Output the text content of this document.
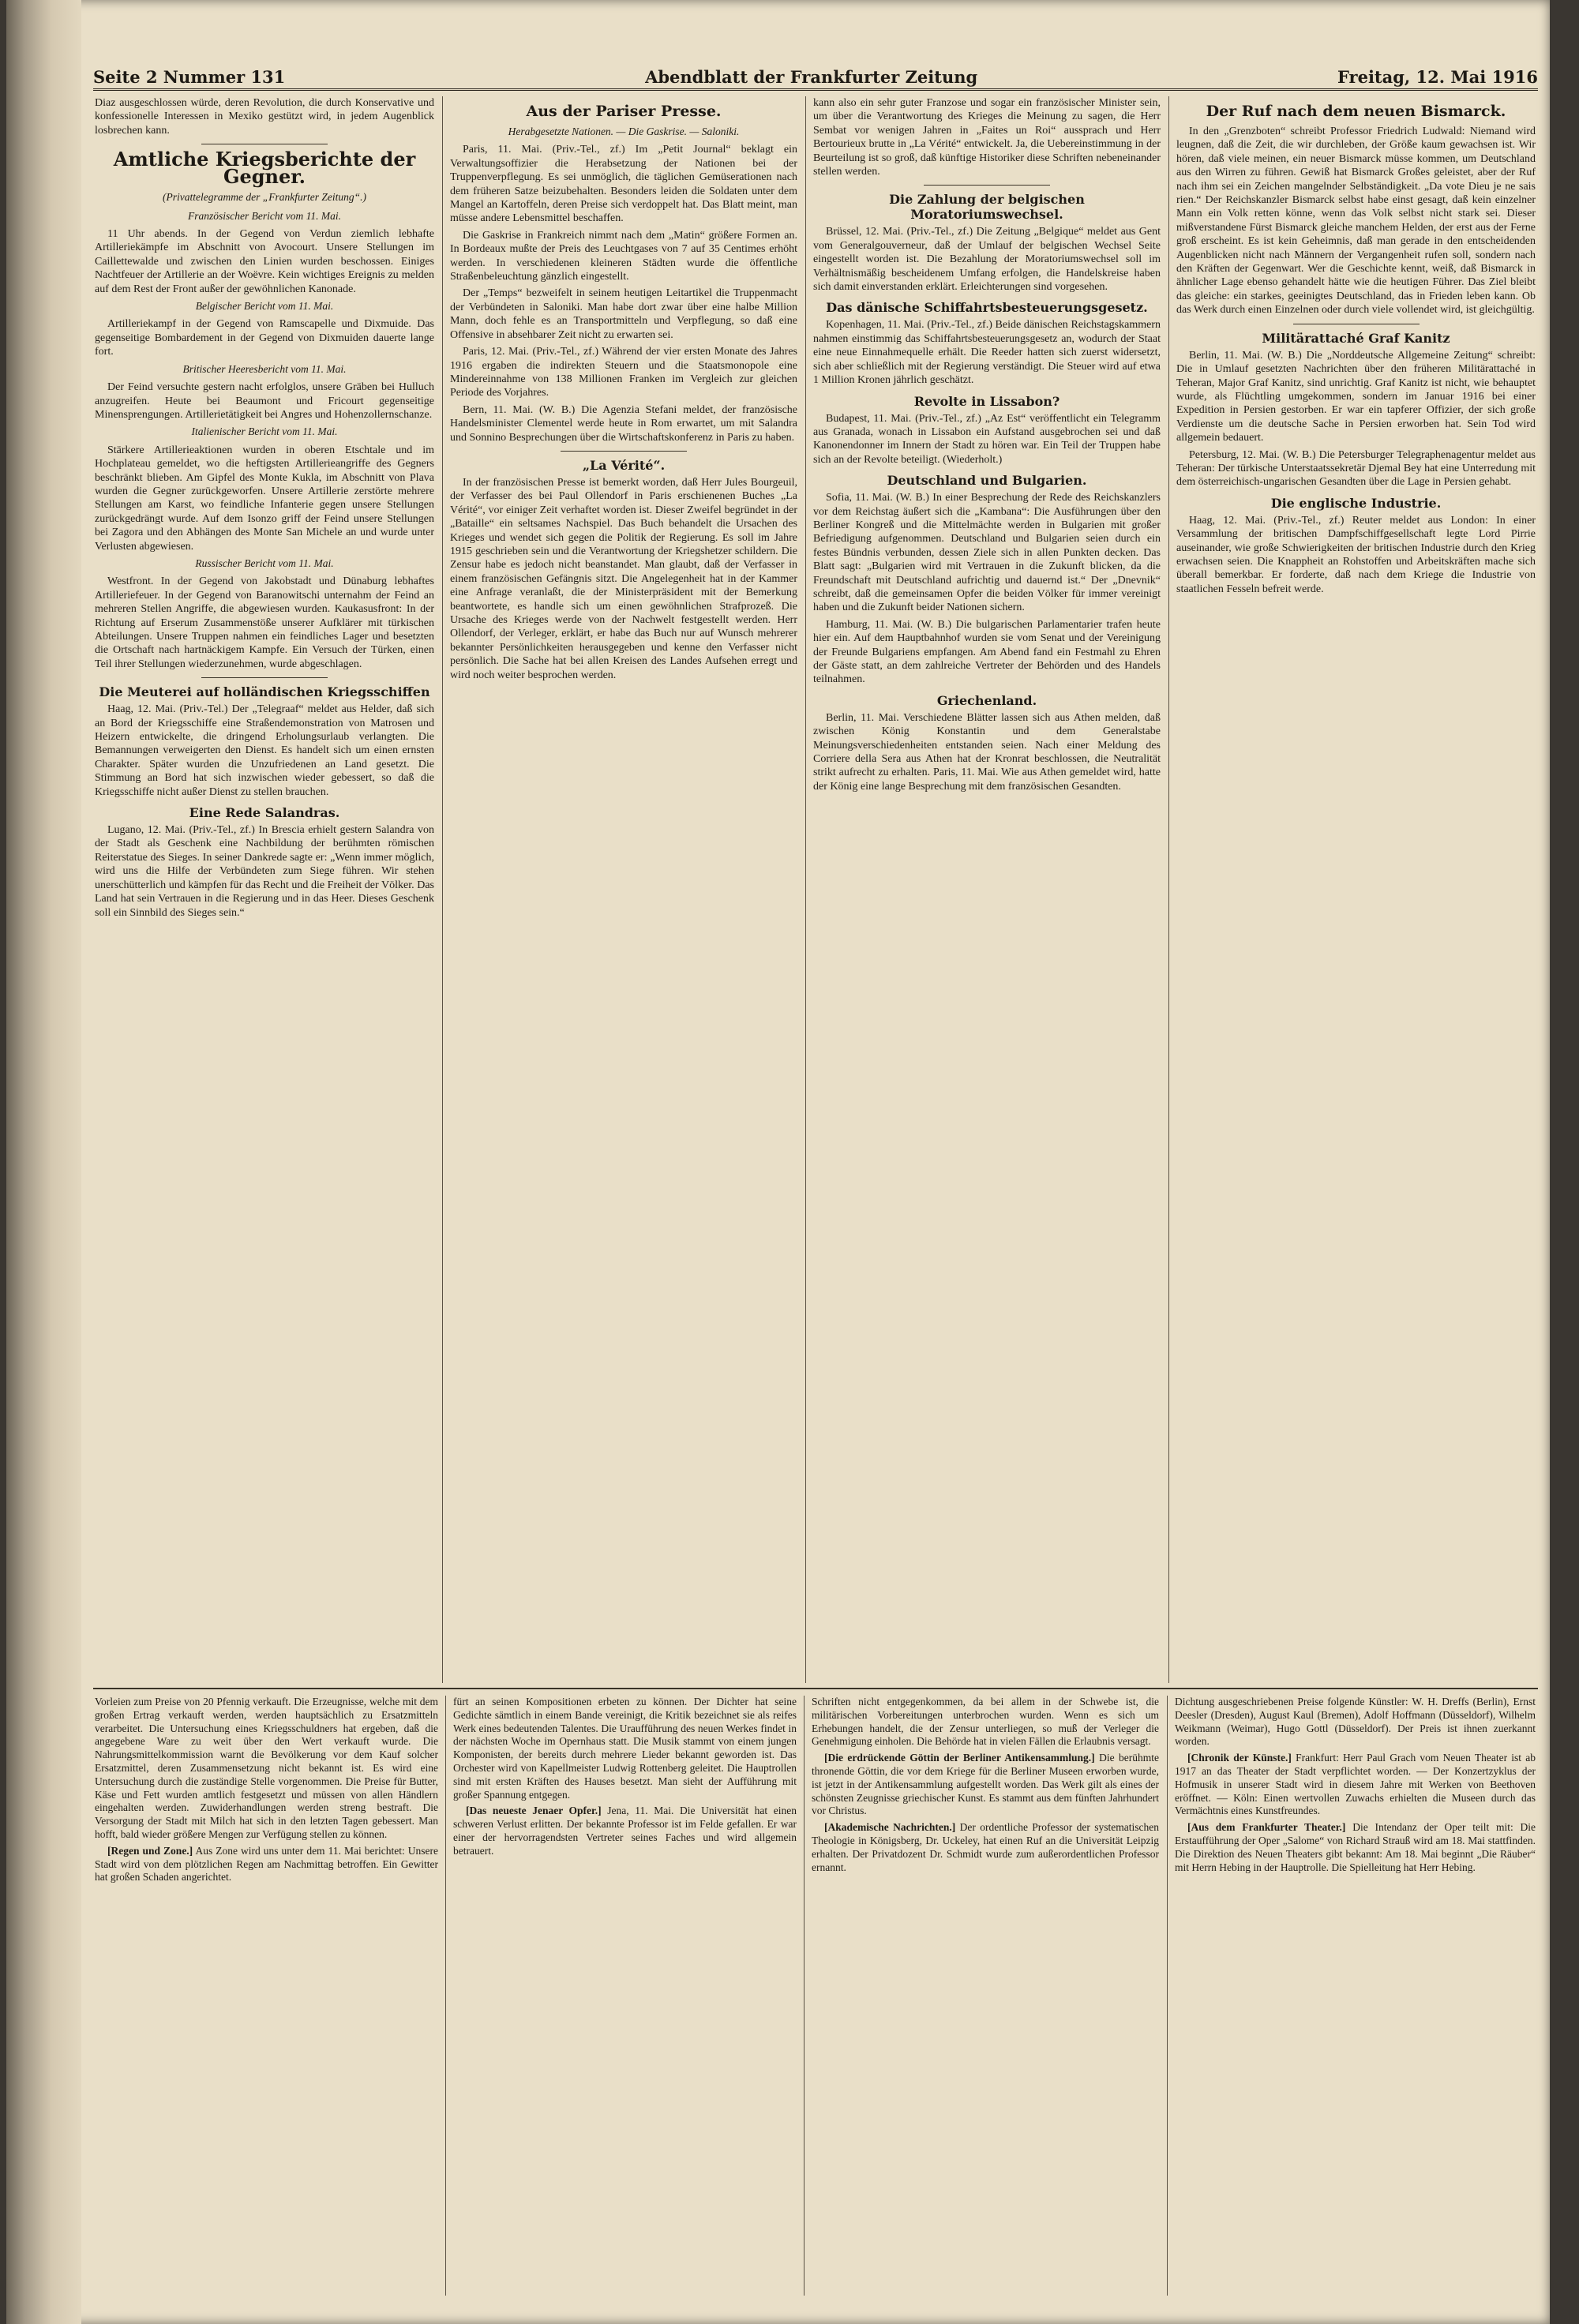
Seite 2 Nummer 131	Abendblatt der Frankfurter Zeitung	Freitag, 12. Mai 1916

Diaz ausgeschlossen würde, deren Revolution, die durch Konservative und konfessionelle Interessen in Mexiko gestützt wird, in jedem Augenblick losbrechen kann.

Amtliche Kriegsberichte der Gegner.
(Privattelegramme der „Frankfurter Zeitung“.)
Französischer Bericht vom 11. Mai.

11 Uhr abends. In der Gegend von Verdun ziemlich lebhafte Artilleriekämpfe im Abschnitt von Avocourt. Unsere Stellungen im Caillettewalde und zwischen den Linien wurden beschossen. Einiges Nachtfeuer der Artillerie an der Woëvre. Kein wichtiges Ereignis zu melden auf dem Rest der Front außer der gewöhnlichen Kanonade.

Belgischer Bericht vom 11. Mai.

Artilleriekampf in der Gegend von Ramscapelle und Dixmuide. Das gegenseitige Bombardement in der Gegend von Dixmuiden dauerte lange fort.

Britischer Heeresbericht vom 11. Mai.

Der Feind versuchte gestern nacht erfolglos, unsere Gräben bei Hulluch anzugreifen. Heute bei Beaumont und Fricourt gegenseitige Minensprengungen. Artillerietätigkeit bei Angres und Hohenzollernschanze.

Italienischer Bericht vom 11. Mai.

Stärkere Artillerieaktionen wurden in oberen Etschtale und im Hochplateau gemeldet, wo die heftigsten Artillerieangriffe des Gegners beschränkt blieben. Am Gipfel des Monte Kukla, im Abschnitt von Plava wurden die Gegner zurückgeworfen. Unsere Artillerie zerstörte mehrere Stellungen am Karst, wo feindliche Infanterie gegen unsere Stellungen zurückgedrängt wurde. Auf dem Isonzo griff der Feind unsere Stellungen bei Zagora und den Abhängen des Monte San Michele an und wurde unter Verlusten abgewiesen.

Russischer Bericht vom 11. Mai.

Westfront. In der Gegend von Jakobstadt und Dünaburg lebhaftes Artilleriefeuer. In der Gegend von Baranowitschi unternahm der Feind an mehreren Stellen Angriffe, die abgewiesen wurden. Kaukasusfront: In der Richtung auf Erserum Zusammenstöße unserer Aufklärer mit türkischen Abteilungen. Unsere Truppen nahmen ein feindliches Lager und besetzten die Ortschaft nach hartnäckigem Kampfe. Ein Versuch der Türken, einen Teil ihrer Stellungen wiederzunehmen, wurde abgeschlagen.

Die Meuterei auf holländischen Kriegsschiffen

Haag, 12. Mai. (Priv.-Tel.) Der „Telegraaf“ meldet aus Helder, daß sich an Bord der Kriegsschiffe eine Straßendemonstration von Matrosen und Heizern entwickelte, die dringend Erholungsurlaub verlangten. Die Bemannungen verweigerten den Dienst. Es handelt sich um einen ernsten Charakter. Später wurden die Unzufriedenen an Land gesetzt. Die Stimmung an Bord hat sich inzwischen wieder gebessert, so daß die Kriegsschiffe nicht außer Dienst zu stellen brauchen.

Eine Rede Salandras.

Lugano, 12. Mai. (Priv.-Tel., zf.) In Brescia erhielt gestern Salandra von der Stadt als Geschenk eine Nachbildung der berühmten römischen Reiterstatue des Sieges. In seiner Dankrede sagte er: „Wenn immer möglich, wird uns die Hilfe der Verbündeten zum Siege führen. Wir stehen unerschütterlich und kämpfen für das Recht und die Freiheit der Völker. Das Land hat sein Vertrauen in die Regierung und in das Heer. Dieses Geschenk soll ein Sinnbild des Sieges sein.“

Aus der Pariser Presse.
Herabgesetzte Nationen. — Die Gaskrise. — Saloniki.

Paris, 11. Mai. (Priv.-Tel., zf.) Im „Petit Journal“ beklagt ein Verwaltungsoffizier die Herabsetzung der Nationen bei der Truppenverpflegung. Es sei unmöglich, die täglichen Gemüserationen nach dem früheren Satze beizubehalten. Besonders leiden die Soldaten unter dem Mangel an Kartoffeln, deren Preise sich verdoppelt hat. Das Blatt meint, man müsse andere Lebensmittel beschaffen.

Die Gaskrise in Frankreich nimmt nach dem „Matin“ größere Formen an. In Bordeaux mußte der Preis des Leuchtgases von 7 auf 35 Centimes erhöht werden. In verschiedenen kleineren Städten wurde die öffentliche Straßenbeleuchtung gänzlich eingestellt.

Der „Temps“ bezweifelt in seinem heutigen Leitartikel die Truppenmacht der Verbündeten in Saloniki. Man habe dort zwar über eine halbe Million Mann, doch fehle es an Transportmitteln und Verpflegung, so daß eine Offensive in absehbarer Zeit nicht zu erwarten sei.

Paris, 12. Mai. (Priv.-Tel., zf.) Während der vier ersten Monate des Jahres 1916 ergaben die indirekten Steuern und die Staatsmonopole eine Mindereinnahme von 138 Millionen Franken im Vergleich zur gleichen Periode des Vorjahres.

Bern, 11. Mai. (W. B.) Die Agenzia Stefani meldet, der französische Handelsminister Clementel werde heute in Rom erwartet, um mit Salandra und Sonnino Besprechungen über die Wirtschaftskonferenz in Paris zu haben.

„La Vérité“.

In der französischen Presse ist bemerkt worden, daß Herr Jules Bourgeuil, der Verfasser des bei Paul Ollendorf in Paris erschienenen Buches „La Vérité“, vor einiger Zeit verhaftet worden ist. Dieser Zweifel begründet in der „Bataille“ ein seltsames Nachspiel. Das Buch behandelt die Ursachen des Krieges und wendet sich gegen die Politik der Regierung. Es soll im Jahre 1915 geschrieben sein und die Verantwortung der Kriegshetzer schildern. Die Zensur habe es jedoch nicht beanstandet. Man glaubt, daß der Verfasser in einem französischen Gefängnis sitzt. Die Angelegenheit hat in der Kammer eine Anfrage veranlaßt, die der Ministerpräsident mit der Bemerkung beantwortete, es handle sich um einen gewöhnlichen Strafprozeß. Die Ursache des Krieges werde von der Nachwelt festgestellt werden. Herr Ollendorf, der Verleger, erklärt, er habe das Buch nur auf Wunsch mehrerer bekannter Persönlichkeiten herausgegeben und kenne den Verfasser nicht persönlich. Die Sache hat bei allen Kreisen des Landes Aufsehen erregt und wird noch weiter besprochen werden.

kann also ein sehr guter Franzose und sogar ein französischer Minister sein, um über die Verantwortung des Krieges die Meinung zu sagen, die Herr Sembat vor wenigen Jahren in „Faites un Roi“ aussprach und Herr Bertourieux brutte in „La Vérité“ entwickelt. Ja, die Uebereinstimmung in der Beurteilung ist so groß, daß künftige Historiker diese Schriften nebeneinander stellen werden.

Die Zahlung der belgischen Moratoriumswechsel.

Brüssel, 12. Mai. (Priv.-Tel., zf.) Die Zeitung „Belgique“ meldet aus Gent vom Generalgouverneur, daß der Umlauf der belgischen Wechsel Seite eingestellt worden ist. Die Bezahlung der Moratoriumswechsel soll im Verhältnismäßig bescheidenem Umfang erfolgen, die Handelskreise haben sich damit einverstanden erklärt. Erleichterungen sind vorgesehen.

Das dänische Schiffahrtsbesteuerungsgesetz.

Kopenhagen, 11. Mai. (Priv.-Tel., zf.) Beide dänischen Reichstagskammern nahmen einstimmig das Schiffahrtsbesteuerungsgesetz an, wodurch der Staat eine neue Einnahmequelle erhält. Die Reeder hatten sich zuerst widersetzt, sich aber schließlich mit der Regierung verständigt. Die Steuer wird auf etwa 1 Million Kronen jährlich geschätzt.

Revolte in Lissabon?

Budapest, 11. Mai. (Priv.-Tel., zf.) „Az Est“ veröffentlicht ein Telegramm aus Granada, wonach in Lissabon ein Aufstand ausgebrochen sei und daß Kanonendonner im Innern der Stadt zu hören war. Ein Teil der Truppen habe sich an der Revolte beteiligt. (Wiederholt.)

Deutschland und Bulgarien.

Sofia, 11. Mai. (W. B.) In einer Besprechung der Rede des Reichskanzlers vor dem Reichstag äußert sich die „Kambana“: Die Ausführungen über den Berliner Kongreß und die Mittelmächte werden in Bulgarien mit großer Befriedigung aufgenommen. Deutschland und Bulgarien seien durch ein festes Bündnis verbunden, dessen Ziele sich in allen Punkten decken. Das Blatt sagt: „Bulgarien wird mit Vertrauen in die Zukunft blicken, da die Freundschaft mit Deutschland aufrichtig und dauernd ist.“ Der „Dnevnik“ schreibt, daß die gemeinsamen Opfer die beiden Völker für immer vereinigt haben und die Zukunft beider Nationen sichern.

Hamburg, 11. Mai. (W. B.) Die bulgarischen Parlamentarier trafen heute hier ein. Auf dem Hauptbahnhof wurden sie vom Senat und der Vereinigung der Freunde Bulgariens empfangen. Am Abend fand ein Festmahl zu Ehren der Gäste statt, an dem zahlreiche Vertreter der Behörden und des Handels teilnahmen.

Griechenland.

Berlin, 11. Mai. Verschiedene Blätter lassen sich aus Athen melden, daß zwischen König Konstantin und dem Generalstabe Meinungsverschiedenheiten entstanden seien. Nach einer Meldung des Corriere della Sera aus Athen hat der Kronrat beschlossen, die Neutralität strikt aufrecht zu erhalten. Paris, 11. Mai. Wie aus Athen gemeldet wird, hatte der König eine lange Besprechung mit dem französischen Gesandten.

Der Ruf nach dem neuen Bismarck.

In den „Grenzboten“ schreibt Professor Friedrich Ludwald: Niemand wird leugnen, daß die Zeit, die wir durchleben, der Größe kaum gewachsen ist. Wir hören, daß viele meinen, ein neuer Bismarck müsse kommen, um Deutschland aus den Wirren zu führen. Gewiß hat Bismarck Großes geleistet, aber der Ruf nach ihm sei ein Zeichen mangelnder Selbständigkeit. „Da vote Dieu je ne sais rien.“ Der Reichskanzler Bismarck selbst habe einst gesagt, daß kein einzelner Mann ein Volk retten könne, wenn das Volk selbst nicht stark sei. Dieser mißverstandene Fürst Bismarck gleiche manchem Helden, der erst aus der Ferne groß erscheint. Es ist kein Geheimnis, daß man gerade in den entscheidenden Augenblicken nicht nach Männern der Vergangenheit rufen soll, sondern nach den Kräften der Gegenwart. Wer die Geschichte kennt, weiß, daß Bismarck in ähnlicher Lage ebenso gehandelt hätte wie die heutigen Führer. Das Ziel bleibt das gleiche: ein starkes, geeinigtes Deutschland, das in Frieden leben kann. Ob das Werk durch einen Einzelnen oder durch viele vollendet wird, ist gleichgültig.

Militärattaché Graf Kanitz

Berlin, 11. Mai. (W. B.) Die „Norddeutsche Allgemeine Zeitung“ schreibt: Die in Umlauf gesetzten Nachrichten über den früheren Militärattaché in Teheran, Major Graf Kanitz, sind unrichtig. Graf Kanitz ist nicht, wie behauptet wurde, als Flüchtling umgekommen, sondern im Januar 1916 bei einer Expedition in Persien gestorben. Er war ein tapferer Offizier, der sich große Verdienste um die deutsche Sache in Persien erworben hat. Sein Tod wird allgemein bedauert.

Petersburg, 12. Mai. (W. B.) Die Petersburger Telegraphenagentur meldet aus Teheran: Der türkische Unterstaatssekretär Djemal Bey hat eine Unterredung mit dem österreichisch-ungarischen Gesandten über die Lage in Persien gehabt.

Die englische Industrie.

Haag, 12. Mai. (Priv.-Tel., zf.) Reuter meldet aus London: In einer Versammlung der britischen Dampfschiffgesellschaft legte Lord Pirrie auseinander, wie große Schwierigkeiten der britischen Industrie durch den Krieg erwachsen seien. Die Knappheit an Rohstoffen und Arbeitskräften mache sich überall bemerkbar. Er forderte, daß nach dem Kriege die Industrie von staatlichen Fesseln befreit werde.

Vorleien zum Preise von 20 Pfennig verkauft. Die Erzeugnisse, welche mit dem großen Ertrag verkauft werden, werden hauptsächlich zu Ersatzmitteln verarbeitet. Die Untersuchung eines Kriegsschuldners hat ergeben, daß die angegebene Ware zu weit über den Wert verkauft wurde. Die Nahrungsmittelkommission warnt die Bevölkerung vor dem Kauf solcher Ersatzmittel, deren Zusammensetzung nicht bekannt ist. Es wird eine Untersuchung durch die zuständige Stelle vorgenommen. Die Preise für Butter, Käse und Fett wurden amtlich festgesetzt und müssen von allen Händlern eingehalten werden. Zuwiderhandlungen werden streng bestraft. Die Versorgung der Stadt mit Milch hat sich in den letzten Tagen gebessert. Man hofft, bald wieder größere Mengen zur Verfügung stellen zu können.

[Regen und Zone.] Aus Zone wird uns unter dem 11. Mai berichtet: Unsere Stadt wird von dem plötzlichen Regen am Nachmittag betroffen. Ein Gewitter hat großen Schaden angerichtet.

fürt an seinen Kompositionen erbeten zu können. Der Dichter hat seine Gedichte sämtlich in einem Bande vereinigt, die Kritik bezeichnet sie als reifes Werk eines bedeutenden Talentes. Die Uraufführung des neuen Werkes findet in der nächsten Woche im Opernhaus statt. Die Musik stammt von einem jungen Komponisten, der bereits durch mehrere Lieder bekannt geworden ist. Das Orchester wird von Kapellmeister Ludwig Rottenberg geleitet. Die Hauptrollen sind mit ersten Kräften des Hauses besetzt. Man sieht der Aufführung mit großer Spannung entgegen.

[Das neueste Jenaer Opfer.] Jena, 11. Mai. Die Universität hat einen schweren Verlust erlitten. Der bekannte Professor ist im Felde gefallen. Er war einer der hervorragendsten Vertreter seines Faches und wird allgemein betrauert.

Schriften nicht entgegenkommen, da bei allem in der Schwebe ist, die militärischen Vorbereitungen unterbrochen wurden. Wenn es sich um Erhebungen handelt, die der Zensur unterliegen, so muß der Verleger die Genehmigung einholen. Die Behörde hat in vielen Fällen die Erlaubnis versagt.

[Die erdrückende Göttin der Berliner Antikensammlung.] Die berühmte thronende Göttin, die vor dem Kriege für die Berliner Museen erworben wurde, ist jetzt in der Antikensammlung aufgestellt worden. Das Werk gilt als eines der schönsten Zeugnisse griechischer Kunst. Es stammt aus dem fünften Jahrhundert vor Christus.

[Akademische Nachrichten.] Der ordentliche Professor der systematischen Theologie in Königsberg, Dr. Uckeley, hat einen Ruf an die Universität Leipzig erhalten. Der Privatdozent Dr. Schmidt wurde zum außerordentlichen Professor ernannt.

Dichtung ausgeschriebenen Preise folgende Künstler: W. H. Dreffs (Berlin), Ernst Deesler (Dresden), August Kaul (Bremen), Adolf Hoffmann (Düsseldorf), Wilhelm Weikmann (Weimar), Hugo Gottl (Düsseldorf). Der Preis ist ihnen zuerkannt worden.

[Chronik der Künste.] Frankfurt: Herr Paul Grach vom Neuen Theater ist ab 1917 an das Theater der Stadt verpflichtet worden. — Der Konzertzyklus der Hofmusik in unserer Stadt wird in diesem Jahre mit Werken von Beethoven eröffnet. — Köln: Einen wertvollen Zuwachs erhielten die Museen durch das Vermächtnis eines Kunstfreundes.

[Aus dem Frankfurter Theater.] Die Intendanz der Oper teilt mit: Die Erstaufführung der Oper „Salome“ von Richard Strauß wird am 18. Mai stattfinden. Die Direktion des Neuen Theaters gibt bekannt: Am 18. Mai beginnt „Die Räuber“ mit Herrn Hebing in der Hauptrolle. Die Spielleitung hat Herr Hebing.
